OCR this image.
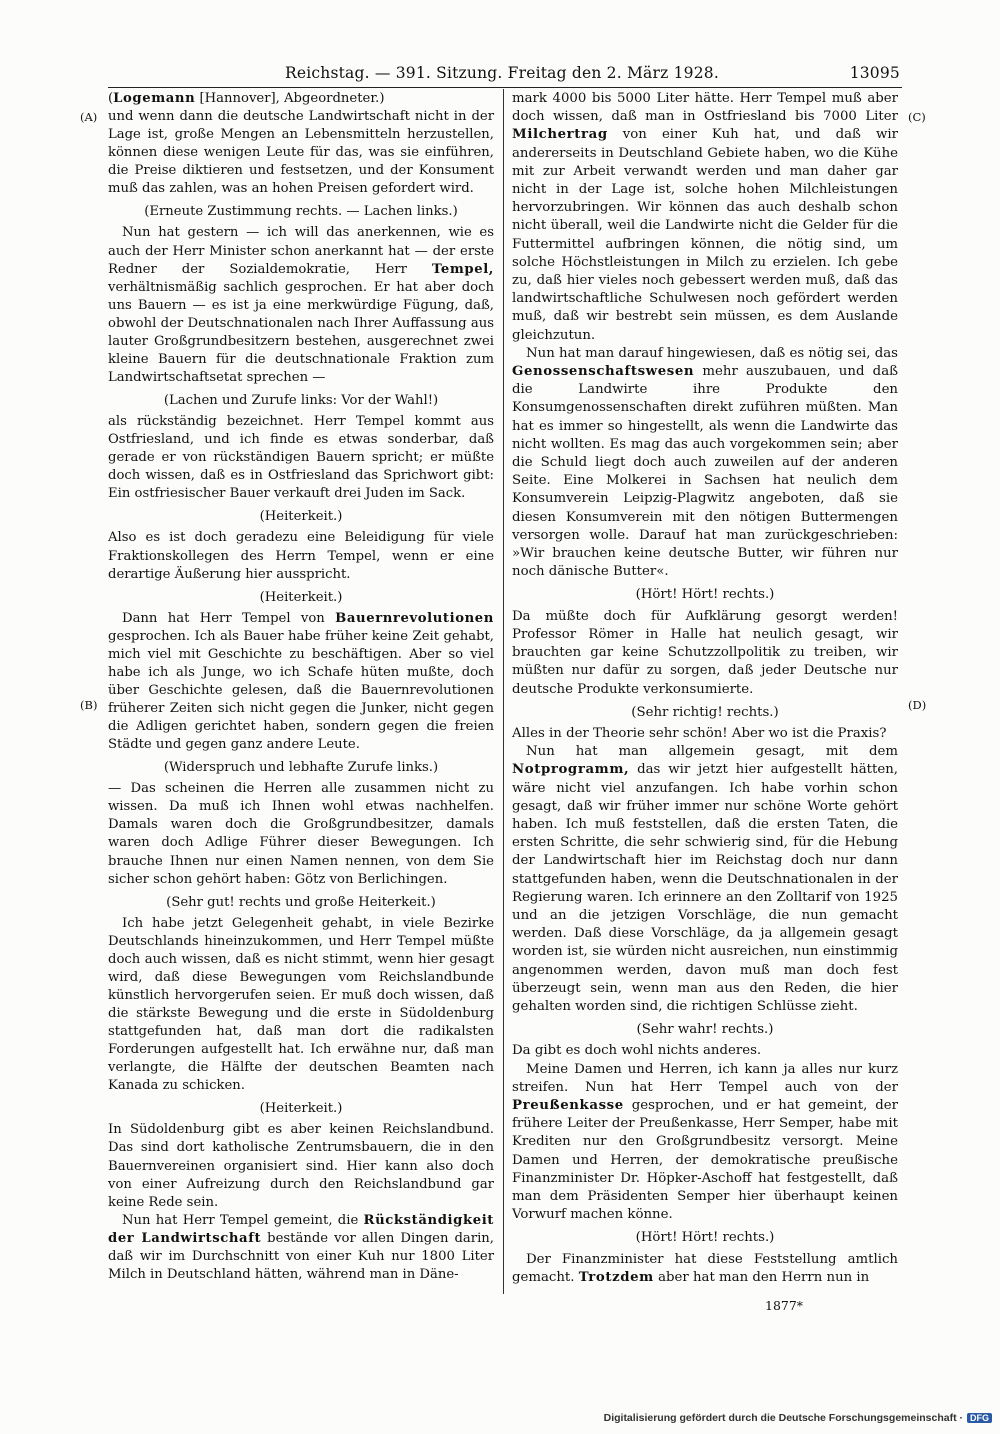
Reichstag. — 391. Sitzung. Freitag den 2. März 1928.	13095
(A)
(B)
(C)
(D)

(Logemann [Hannover], Abgeordneter.)

und wenn dann die deutsche Landwirtschaft nicht in der Lage ist, große Mengen an Lebensmitteln herzustellen, können diese wenigen Leute für das, was sie einführen, die Preise diktieren und festsetzen, und der Konsument muß das zahlen, was an hohen Preisen gefordert wird.

(Erneute Zustimmung rechts. — Lachen links.)

Nun hat gestern — ich will das anerkennen, wie es auch der Herr Minister schon anerkannt hat — der erste Redner der Sozialdemokratie, Herr Tempel, verhältnismäßig sachlich gesprochen. Er hat aber doch uns Bauern — es ist ja eine merkwürdige Fügung, daß, obwohl der Deutschnationalen nach Ihrer Auffassung aus lauter Großgrundbesitzern bestehen, ausgerechnet zwei kleine Bauern für die deutschnationale Fraktion zum Landwirtschaftsetat sprechen —

(Lachen und Zurufe links: Vor der Wahl!)

als rückständig bezeichnet. Herr Tempel kommt aus Ostfriesland, und ich finde es etwas sonderbar, daß gerade er von rückständigen Bauern spricht; er müßte doch wissen, daß es in Ostfriesland das Sprichwort gibt: Ein ostfriesischer Bauer verkauft drei Juden im Sack.

(Heiterkeit.)

Also es ist doch geradezu eine Beleidigung für viele Fraktionskollegen des Herrn Tempel, wenn er eine derartige Äußerung hier ausspricht.

(Heiterkeit.)

Dann hat Herr Tempel von Bauernrevolutionen gesprochen. Ich als Bauer habe früher keine Zeit gehabt, mich viel mit Geschichte zu beschäftigen. Aber so viel habe ich als Junge, wo ich Schafe hüten mußte, doch über Geschichte gelesen, daß die Bauernrevolutionen früherer Zeiten sich nicht gegen die Junker, nicht gegen die Adligen gerichtet haben, sondern gegen die freien Städte und gegen ganz andere Leute.

(Widerspruch und lebhafte Zurufe links.)

— Das scheinen die Herren alle zusammen nicht zu wissen. Da muß ich Ihnen wohl etwas nachhelfen. Damals waren doch die Großgrundbesitzer, damals waren doch Adlige Führer dieser Bewegungen. Ich brauche Ihnen nur einen Namen nennen, von dem Sie sicher schon gehört haben: Götz von Berlichingen.

(Sehr gut! rechts und große Heiterkeit.)

Ich habe jetzt Gelegenheit gehabt, in viele Bezirke Deutschlands hineinzukommen, und Herr Tempel müßte doch auch wissen, daß es nicht stimmt, wenn hier gesagt wird, daß diese Bewegungen vom Reichslandbunde künstlich hervorgerufen seien. Er muß doch wissen, daß die stärkste Bewegung und die erste in Südoldenburg stattgefunden hat, daß man dort die radikalsten Forderungen aufgestellt hat. Ich erwähne nur, daß man verlangte, die Hälfte der deutschen Beamten nach Kanada zu schicken.

(Heiterkeit.)

In Südoldenburg gibt es aber keinen Reichslandbund. Das sind dort katholische Zentrumsbauern, die in den Bauernvereinen organisiert sind. Hier kann also doch von einer Aufreizung durch den Reichslandbund gar keine Rede sein.

Nun hat Herr Tempel gemeint, die Rückständigkeit der Landwirtschaft bestände vor allen Dingen darin, daß wir im Durchschnitt von einer Kuh nur 1800 Liter Milch in Deutschland hätten, während man in Däne-

mark 4000 bis 5000 Liter hätte. Herr Tempel muß aber doch wissen, daß man in Ostfriesland bis 7000 Liter Milchertrag von einer Kuh hat, und daß wir andererseits in Deutschland Gebiete haben, wo die Kühe mit zur Arbeit verwandt werden und man daher gar nicht in der Lage ist, solche hohen Milchleistungen hervorzubringen. Wir können das auch deshalb schon nicht überall, weil die Landwirte nicht die Gelder für die Futtermittel aufbringen können, die nötig sind, um solche Höchstleistungen in Milch zu erzielen. Ich gebe zu, daß hier vieles noch gebessert werden muß, daß das landwirtschaftliche Schulwesen noch gefördert werden muß, daß wir bestrebt sein müssen, es dem Auslande gleichzutun.

Nun hat man darauf hingewiesen, daß es nötig sei, das Genossenschaftswesen mehr auszubauen, und daß die Landwirte ihre Produkte den Konsumgenossenschaften direkt zuführen müßten. Man hat es immer so hingestellt, als wenn die Landwirte das nicht wollten. Es mag das auch vorgekommen sein; aber die Schuld liegt doch auch zuweilen auf der anderen Seite. Eine Molkerei in Sachsen hat neulich dem Konsumverein Leipzig-Plagwitz angeboten, daß sie diesen Konsumverein mit den nötigen Buttermengen versorgen wolle. Darauf hat man zurückgeschrieben: »Wir brauchen keine deutsche Butter, wir führen nur noch dänische Butter«.

(Hört! Hört! rechts.)

Da müßte doch für Aufklärung gesorgt werden! Professor Römer in Halle hat neulich gesagt, wir brauchten gar keine Schutzzollpolitik zu treiben, wir müßten nur dafür zu sorgen, daß jeder Deutsche nur deutsche Produkte verkonsumierte.

(Sehr richtig! rechts.)

Alles in der Theorie sehr schön! Aber wo ist die Praxis?

Nun hat man allgemein gesagt, mit dem Notprogramm, das wir jetzt hier aufgestellt hätten, wäre nicht viel anzufangen. Ich habe vorhin schon gesagt, daß wir früher immer nur schöne Worte gehört haben. Ich muß feststellen, daß die ersten Taten, die ersten Schritte, die sehr schwierig sind, für die Hebung der Landwirtschaft hier im Reichstag doch nur dann stattgefunden haben, wenn die Deutschnationalen in der Regierung waren. Ich erinnere an den Zolltarif von 1925 und an die jetzigen Vorschläge, die nun gemacht werden. Daß diese Vorschläge, da ja allgemein gesagt worden ist, sie würden nicht ausreichen, nun einstimmig angenommen werden, davon muß man doch fest überzeugt sein, wenn man aus den Reden, die hier gehalten worden sind, die richtigen Schlüsse zieht.

(Sehr wahr! rechts.)

Da gibt es doch wohl nichts anderes.

Meine Damen und Herren, ich kann ja alles nur kurz streifen. Nun hat Herr Tempel auch von der Preußenkasse gesprochen, und er hat gemeint, der frühere Leiter der Preußenkasse, Herr Semper, habe mit Krediten nur den Großgrundbesitz versorgt. Meine Damen und Herren, der demokratische preußische Finanzminister Dr. Höpker-Aschoff hat festgestellt, daß man dem Präsidenten Semper hier überhaupt keinen Vorwurf machen könne.

(Hört! Hört! rechts.)

Der Finanzminister hat diese Feststellung amtlich gemacht. Trotzdem aber hat man den Herrn nun in

1877*
Digitalisierung gefördert durch die Deutsche Forschungsgemeinschaft · DFG
